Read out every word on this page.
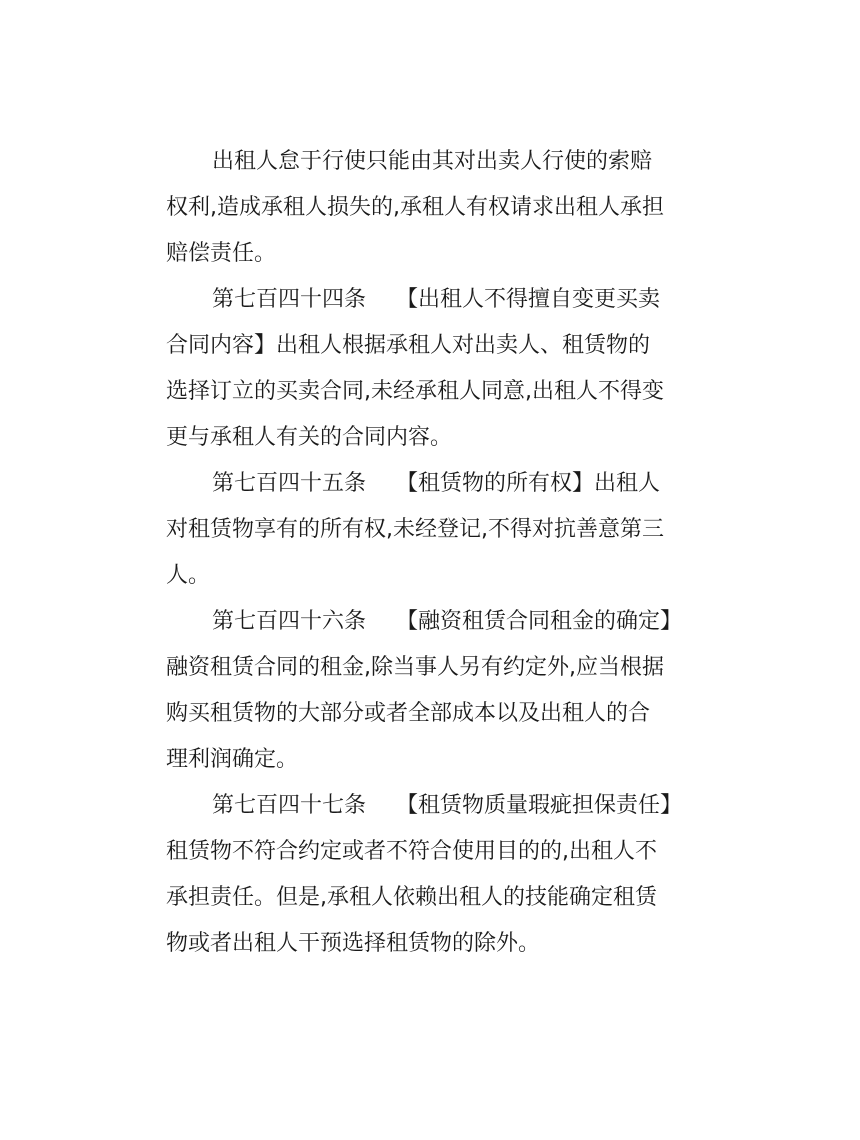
出租人怠于行使只能由其对出卖人行使的索赔
权利,造成承租人损失的,承租人有权请求出租人承担
赔偿责任。
第七百四十四条 【出租人不得擅自变更买卖
合同内容】出租人根据承租人对出卖人、租赁物的
选择订立的买卖合同,未经承租人同意,出租人不得变
更与承租人有关的合同内容。
第七百四十五条 【租赁物的所有权】出租人
对租赁物享有的所有权,未经登记,不得对抗善意第三
人。
第七百四十六条 【融资租赁合同租金的确定】
融资租赁合同的租金,除当事人另有约定外,应当根据
购买租赁物的大部分或者全部成本以及出租人的合
理利润确定。
第七百四十七条 【租赁物质量瑕疵担保责任】
租赁物不符合约定或者不符合使用目的的,出租人不
承担责任。但是,承租人依赖出租人的技能确定租赁
物或者出租人干预选择租赁物的除外。
